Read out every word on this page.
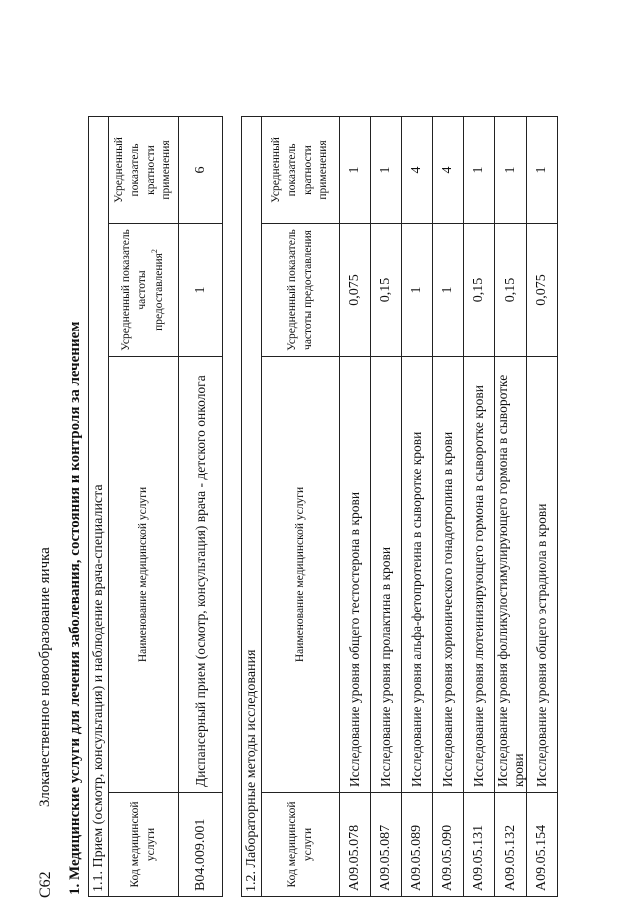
С62
Злокачественное новообразование яичка 1. Медицинские услуги для лечения заболевания, состояния и контроля за лечением 1.1. Прием (осмотр, консультация) и наблюдение врача-специалиста			
Код медицинской услуги	Наименование медицинской услуги	Усредненный показатель частоты предоставления$^2$	Усредненный показатель кратности применения
B04.009.001	Диспансерный прием (осмотр, консультация) врача - детского онколога	1	6
1.2. Лабораторные методы исследования			
Код медицинской услуги	Наименование медицинской услуги	Усредненный показатель частоты предоставления	Усредненный показатель кратности применения
A09.05.078	Исследование уровня общего тестостерона в крови	0,075	1
A09.05.087	Исследование уровня пролактина в крови	0,15	1
A09.05.089	Исследование уровня альфа-фетопротеина в сыворотке крови	1	4
A09.05.090	Исследование уровня хорионического гонадотропина в крови	1	4
A09.05.131	Исследование уровня лютеинизирующего гормона в сыворотке крови	0,15	1
A09.05.132	Исследование уровня фолликулостимулирующего гормона в сыворотке крови	0,15	1
A09.05.154	Исследование уровня общего эстрадиола в крови	0,075	1
